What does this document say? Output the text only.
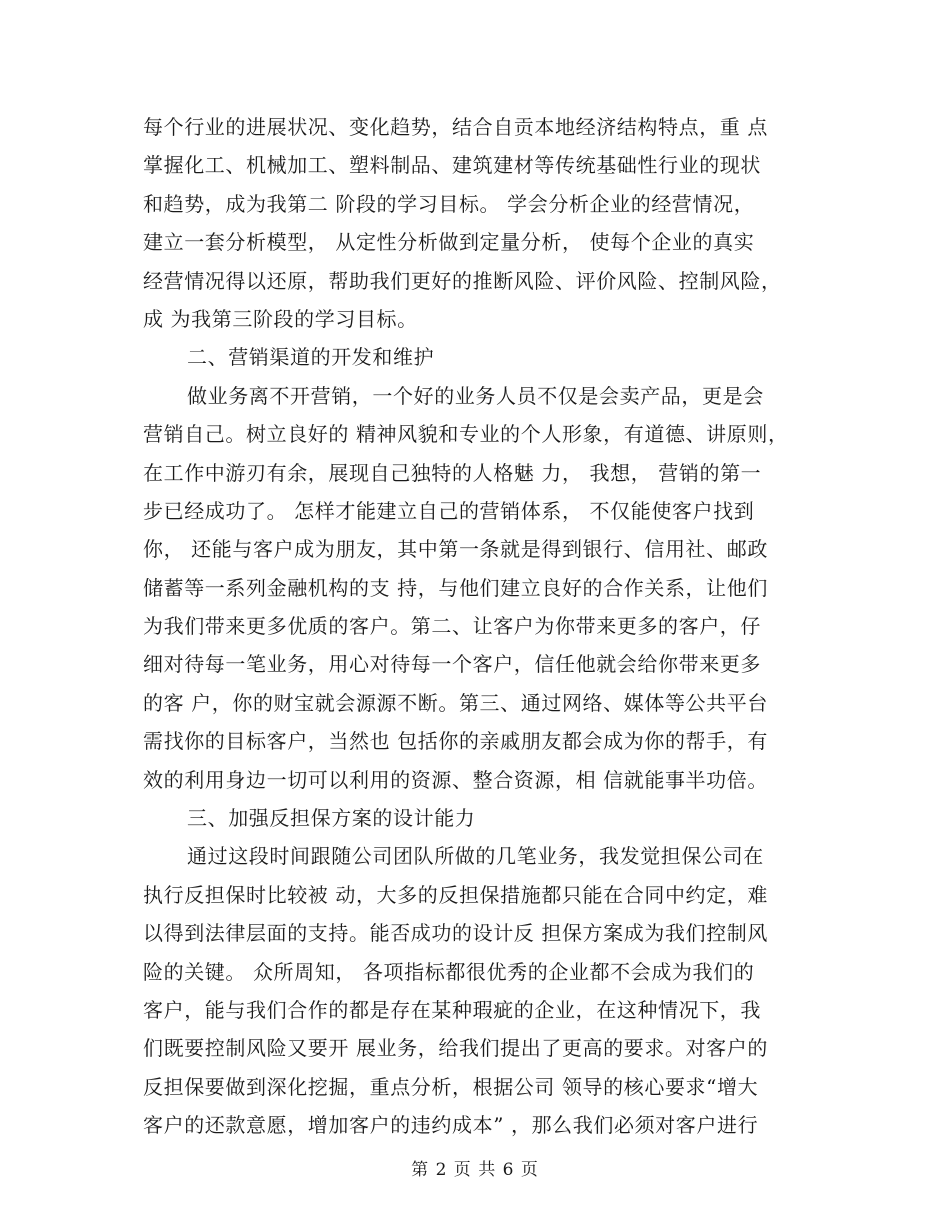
每个行业的进展状况、变化趋势，结合自贡本地经济结构特点，重 点
掌握化工、机械加工、塑料制品、建筑建材等传统基础性行业的现状
和趋势，成为我第二 阶段的学习目标。 学会分析企业的经营情况，
建立一套分析模型， 从定性分析做到定量分析， 使每个企业的真实
经营情况得以还原，帮助我们更好的推断风险、评价风险、控制风险，
成 为我第三阶段的学习目标。
二、营销渠道的开发和维护
做业务离不开营销，一个好的业务人员不仅是会卖产品，更是会
营销自己。树立良好的 精神风貌和专业的个人形象，有道德、讲原则，
在工作中游刃有余，展现自己独特的人格魅 力， 我想， 营销的第一
步已经成功了。 怎样才能建立自己的营销体系， 不仅能使客户找到
你， 还能与客户成为朋友，其中第一条就是得到银行、信用社、邮政
储蓄等一系列金融机构的支 持，与他们建立良好的合作关系，让他们
为我们带来更多优质的客户。第二、让客户为你带来更多的客户，仔
细对待每一笔业务，用心对待每一个客户，信任他就会给你带来更多
的客 户，你的财宝就会源源不断。第三、通过网络、媒体等公共平台
需找你的目标客户，当然也 包括你的亲戚朋友都会成为你的帮手，有
效的利用身边一切可以利用的资源、整合资源，相 信就能事半功倍。
三、加强反担保方案的设计能力
通过这段时间跟随公司团队所做的几笔业务，我发觉担保公司在
执行反担保时比较被 动，大多的反担保措施都只能在合同中约定，难
以得到法律层面的支持。能否成功的设计反 担保方案成为我们控制风
险的关键。 众所周知， 各项指标都很优秀的企业都不会成为我们的
客户，能与我们合作的都是存在某种瑕疵的企业，在这种情况下，我
们既要控制风险又要开 展业务，给我们提出了更高的要求。对客户的
反担保要做到深化挖掘，重点分析，根据公司 领导的核心要求“增大
客户的还款意愿，增加客户的违约成本” ，那么我们必须对客户进行
第 2 页 共 6 页
